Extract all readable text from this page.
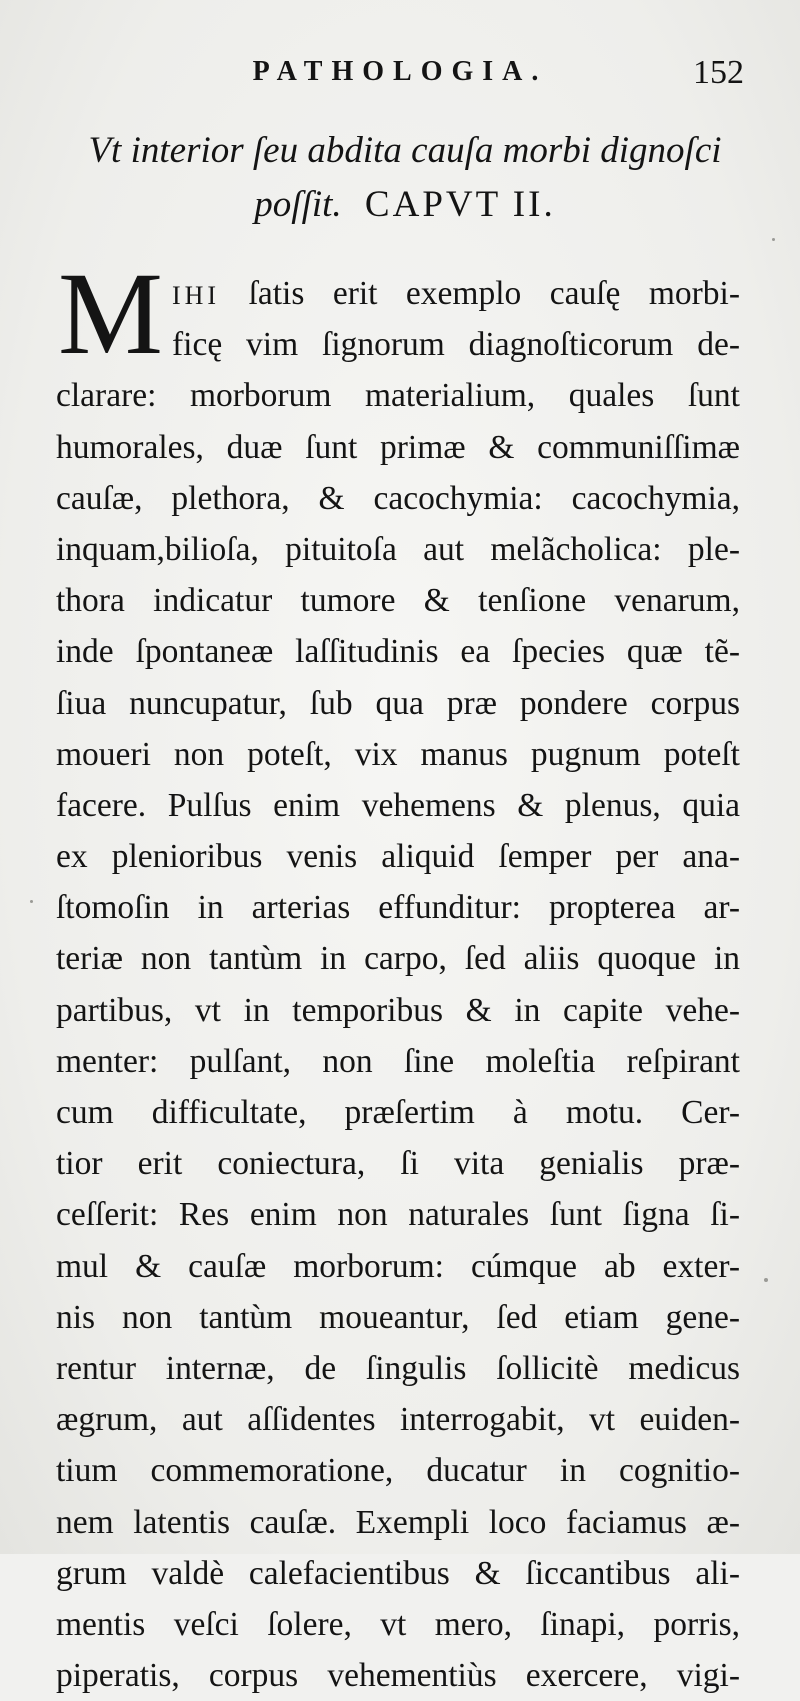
PATHOLOGIA.	152
Vt interior ſeu abdita cauſa morbi dignoſci
poſſit. CAPVT II.
M IHI ſatis erit exemplo cauſę morbi-
ficę vim ſignorum diagnoſticorum de-
clarare: morborum materialium, quales ſunt
humorales, duæ ſunt primæ & communiſſimæ
cauſæ, plethora, & cacochymia: cacochymia,
inquam,bilioſa, pituitoſa aut melãcholica: ple-
thora indicatur tumore & tenſione venarum,
inde ſpontaneæ laſſitudinis ea ſpecies quæ tẽ-
ſiua nuncupatur, ſub qua præ pondere corpus
moueri non poteſt, vix manus pugnum poteſt
facere. Pulſus enim vehemens & plenus, quia
ex plenioribus venis aliquid ſemper per ana-
ſtomoſin in arterias effunditur: propterea ar-
teriæ non tantùm in carpo, ſed aliis quoque in
partibus, vt in temporibus & in capite vehe-
menter: pulſant, non ſine moleſtia reſpirant
cum difficultate, præſertim à motu. Cer-
tior erit coniectura, ſi vita genialis præ-
ceſſerit: Res enim non naturales ſunt ſigna ſi-
mul & cauſæ morborum: cúmque ab exter-
nis non tantùm moueantur, ſed etiam gene-
rentur internæ, de ſingulis ſollicitè medicus
ægrum, aut aſſidentes interrogabit, vt euiden-
tium commemoratione, ducatur in cognitio-
nem latentis cauſæ. Exempli loco faciamus æ-
grum valdè calefacientibus & ſiccantibus ali-
mentis veſci ſolere, vt mero, ſinapi, porris,
piperatis, corpus vehementiùs exercere, vigi-
